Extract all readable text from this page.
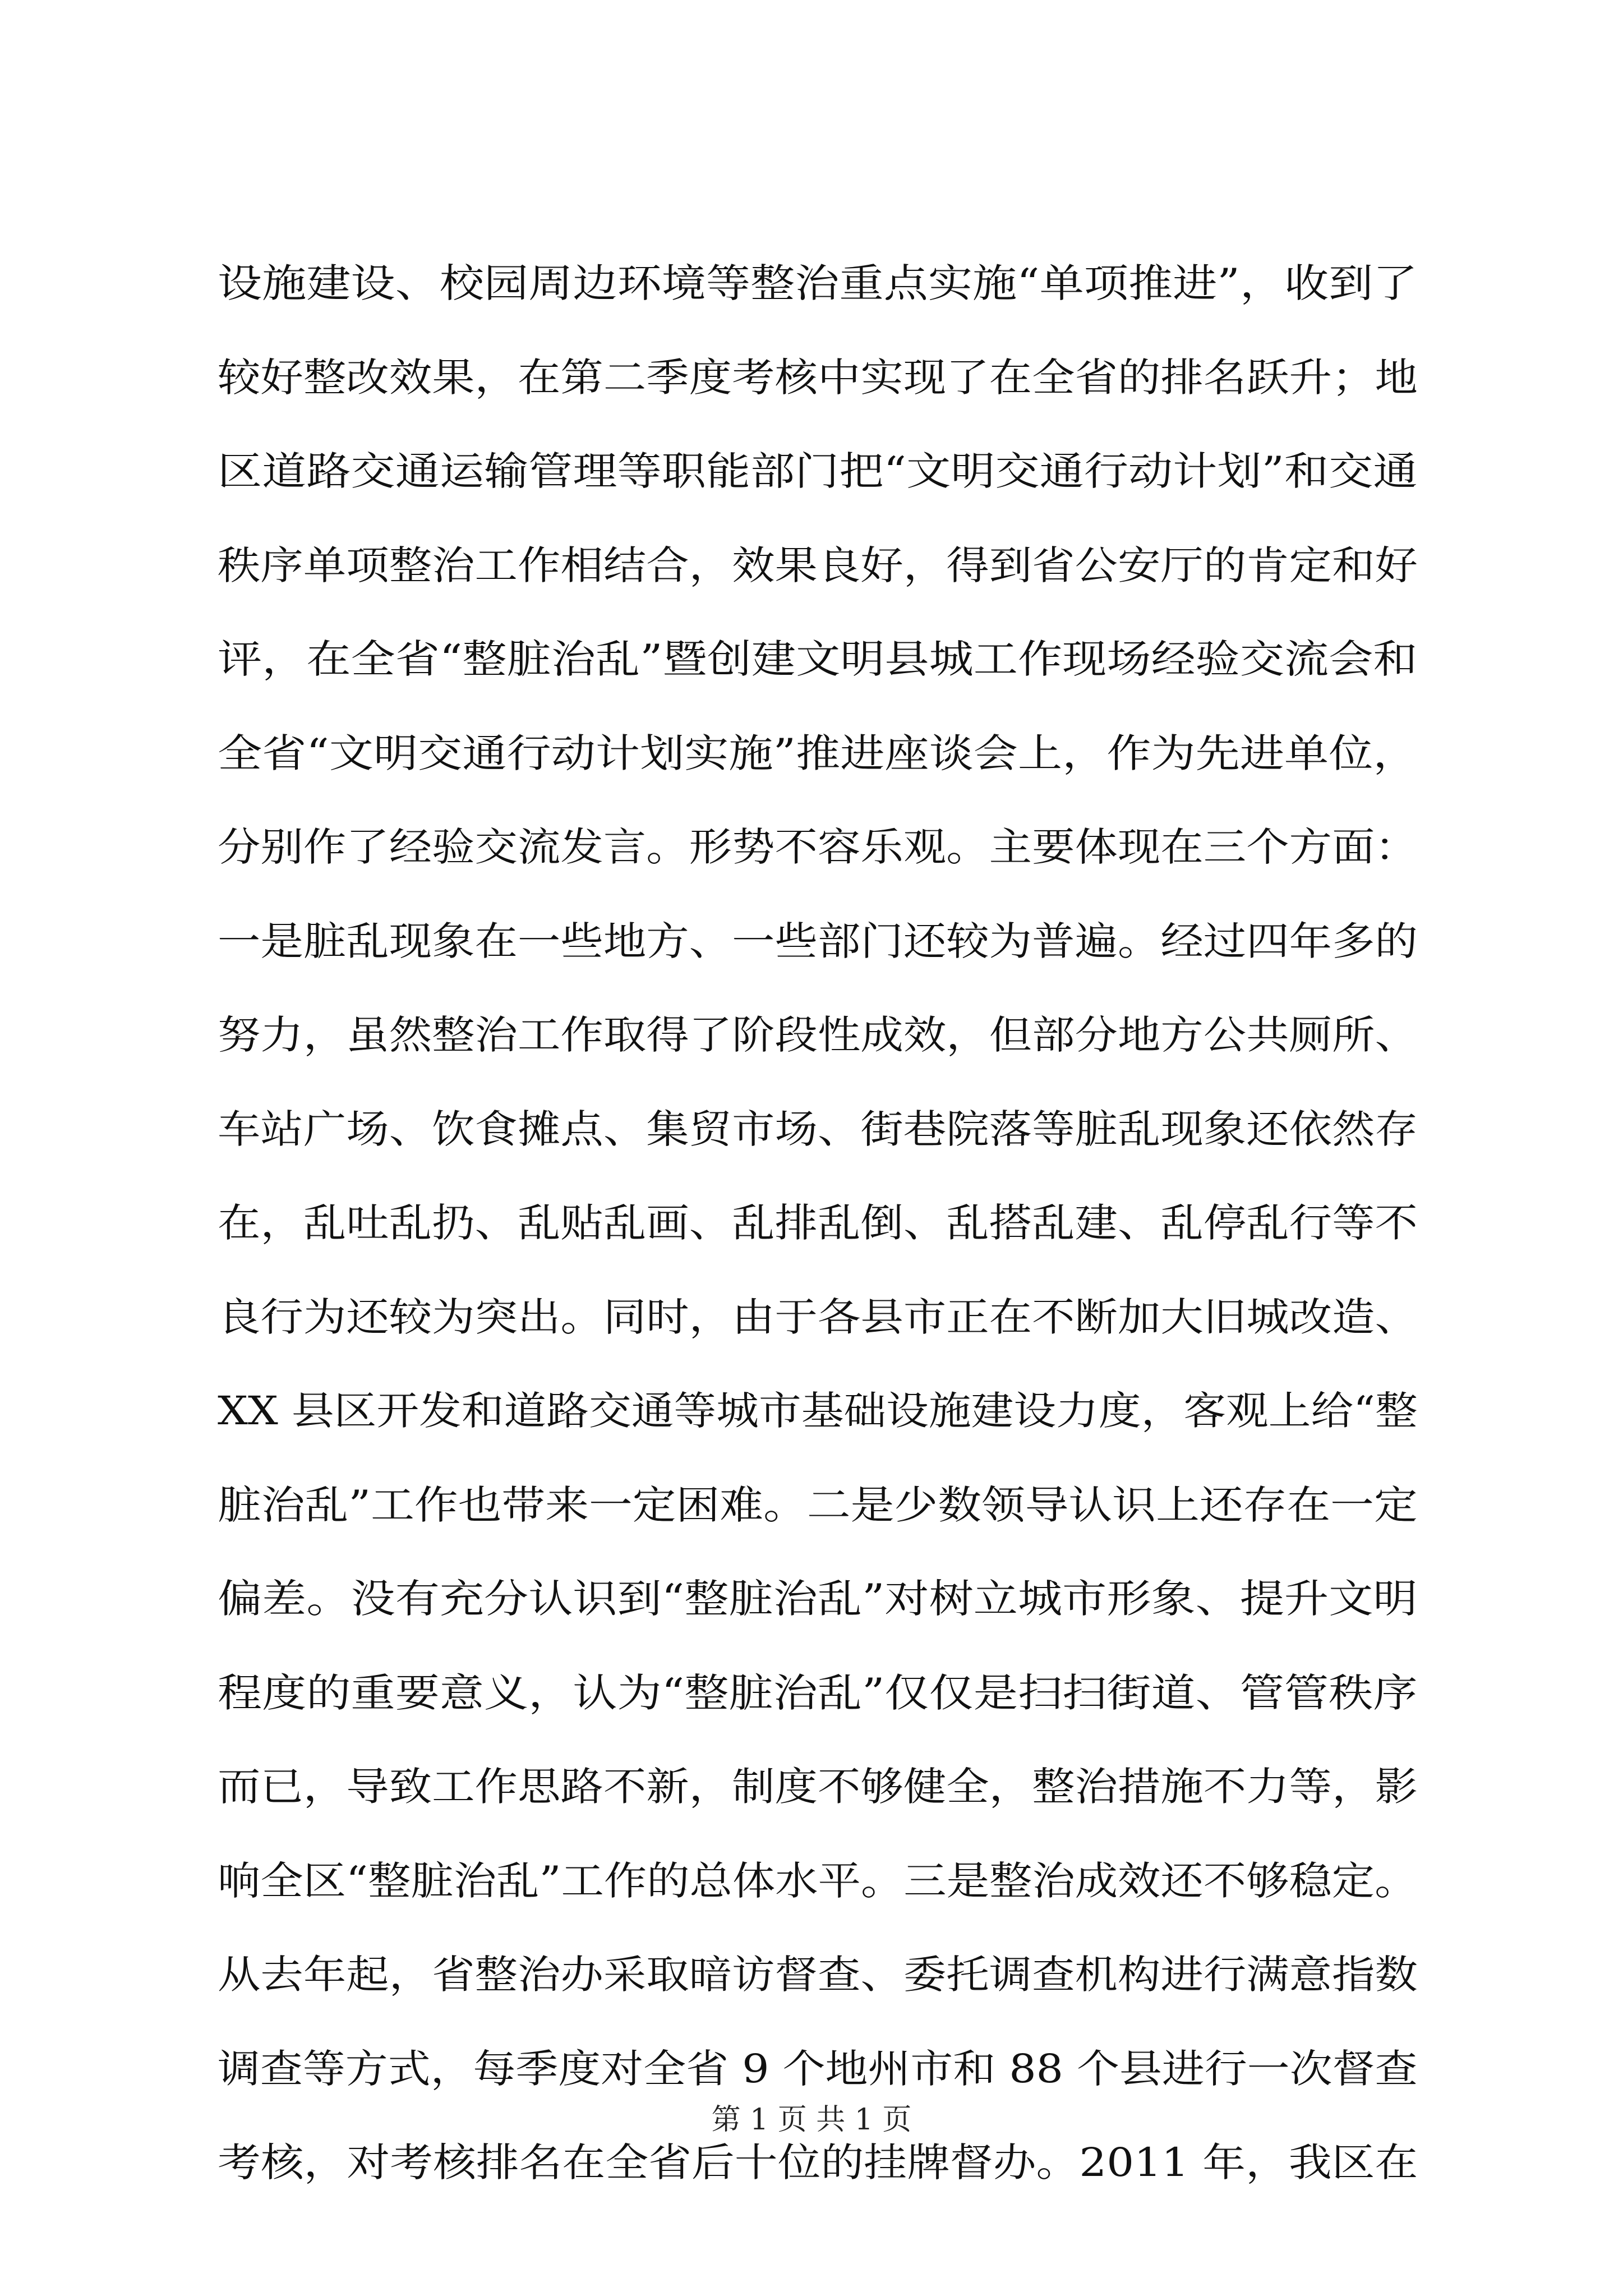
设施建设、校园周边环境等整治重点实施“单项推进”，收到了
较好整改效果，在第二季度考核中实现了在全省的排名跃升；地
区道路交通运输管理等职能部门把“文明交通行动计划”和交通
秩序单项整治工作相结合，效果良好，得到省公安厅的肯定和好
评，在全省“整脏治乱”暨创建文明县城工作现场经验交流会和
全省“文明交通行动计划实施”推进座谈会上，作为先进单位，
分别作了经验交流发言。形势不容乐观。主要体现在三个方面：
一是脏乱现象在一些地方、一些部门还较为普遍。经过四年多的
努力，虽然整治工作取得了阶段性成效，但部分地方公共厕所、
车站广场、饮食摊点、集贸市场、街巷院落等脏乱现象还依然存
在，乱吐乱扔、乱贴乱画、乱排乱倒、乱搭乱建、乱停乱行等不
良行为还较为突出。同时，由于各县市正在不断加大旧城改造、
XX 县区开发和道路交通等城市基础设施建设力度，客观上给“整
脏治乱”工作也带来一定困难。二是少数领导认识上还存在一定
偏差。没有充分认识到“整脏治乱”对树立城市形象、提升文明
程度的重要意义，认为“整脏治乱”仅仅是扫扫街道、管管秩序
而已，导致工作思路不新，制度不够健全，整治措施不力等，影
响全区“整脏治乱”工作的总体水平。三是整治成效还不够稳定。
从去年起，省整治办采取暗访督查、委托调查机构进行满意指数
调查等方式，每季度对全省 9 个地州市和 88 个县进行一次督查
考核，对考核排名在全省后十位的挂牌督办。2011 年，我区在
第 1 页 共 1 页
